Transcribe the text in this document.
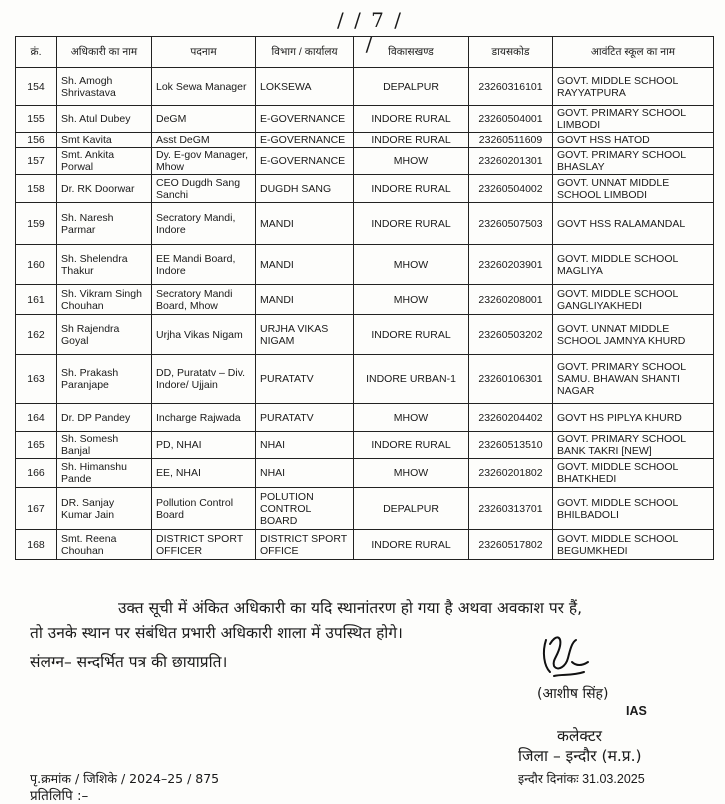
/ / 7 / /
क्रं.	अधिकारी का नाम	पदनाम	विभाग / कार्यालय	विकासखण्ड	डायसकोड	आवंटित स्कूल का नाम
154	Sh. Amogh Shrivastava	Lok Sewa Manager	LOKSEWA	DEPALPUR	23260316101	GOVT. MIDDLE SCHOOL RAYYATPURA
155	Sh. Atul Dubey	DeGM	E-GOVERNANCE	INDORE RURAL	23260504001	GOVT. PRIMARY SCHOOL LIMBODI
156	Smt Kavita	Asst DeGM	E-GOVERNANCE	INDORE RURAL	23260511609	GOVT HSS HATOD
157	Smt. Ankita Porwal	Dy. E-gov Manager, Mhow	E-GOVERNANCE	MHOW	23260201301	GOVT. PRIMARY SCHOOL BHASLAY
158	Dr. RK Doorwar	CEO Dugdh Sang Sanchi	DUGDH SANG	INDORE RURAL	23260504002	GOVT. UNNAT MIDDLE SCHOOL LIMBODI
159	Sh. Naresh Parmar	Secratory Mandi, Indore	MANDI	INDORE RURAL	23260507503	GOVT HSS RALAMANDAL
160	Sh. Shelendra Thakur	EE Mandi Board, Indore	MANDI	MHOW	23260203901	GOVT. MIDDLE SCHOOL MAGLIYA
161	Sh. Vikram Singh Chouhan	Secratory Mandi Board, Mhow	MANDI	MHOW	23260208001	GOVT. MIDDLE SCHOOL GANGLIYAKHEDI
162	Sh Rajendra Goyal	Urjha Vikas Nigam	URJHA VIKAS NIGAM	INDORE RURAL	23260503202	GOVT. UNNAT MIDDLE SCHOOL JAMNYA KHURD
163	Sh. Prakash Paranjape	DD, Puratatv – Div. Indore/ Ujjain	PURATATV	INDORE URBAN-1	23260106301	GOVT. PRIMARY SCHOOL SAMU. BHAWAN SHANTI NAGAR
164	Dr. DP Pandey	Incharge Rajwada	PURATATV	MHOW	23260204402	GOVT HS PIPLYA KHURD
165	Sh. Somesh Banjal	PD, NHAI	NHAI	INDORE RURAL	23260513510	GOVT. PRIMARY SCHOOL BANK TAKRI [NEW]
166	Sh. Himanshu Pande	EE, NHAI	NHAI	MHOW	23260201802	GOVT. MIDDLE SCHOOL BHATKHEDI
167	DR. Sanjay Kumar Jain	Pollution Control Board	POLUTION CONTROL BOARD	DEPALPUR	23260313701	GOVT. MIDDLE SCHOOL BHILBADOLI
168	Smt. Reena Chouhan	DISTRICT SPORT OFFICER	DISTRICT SPORT OFFICE	INDORE RURAL	23260517802	GOVT. MIDDLE SCHOOL BEGUMKHEDI

उक्त सूची में अंकित अधिकारी का यदि स्थानांतरण हो गया है अथवा अवकाश पर हैं,

तो उनके स्थान पर संबंधित प्रभारी अधिकारी शाला में उपस्थित होगे।

संलग्न– सन्दर्भित पत्र की छायाप्रति।
(आशीष सिंह)
IAS
कलेक्टर
जिला – इन्दौर (म.प्र.)
इन्दौर दिनांकः 31.03.2025
पृ.क्रमांक / जिशिके / 2024–25 / 875
प्रतिलिपि :–
